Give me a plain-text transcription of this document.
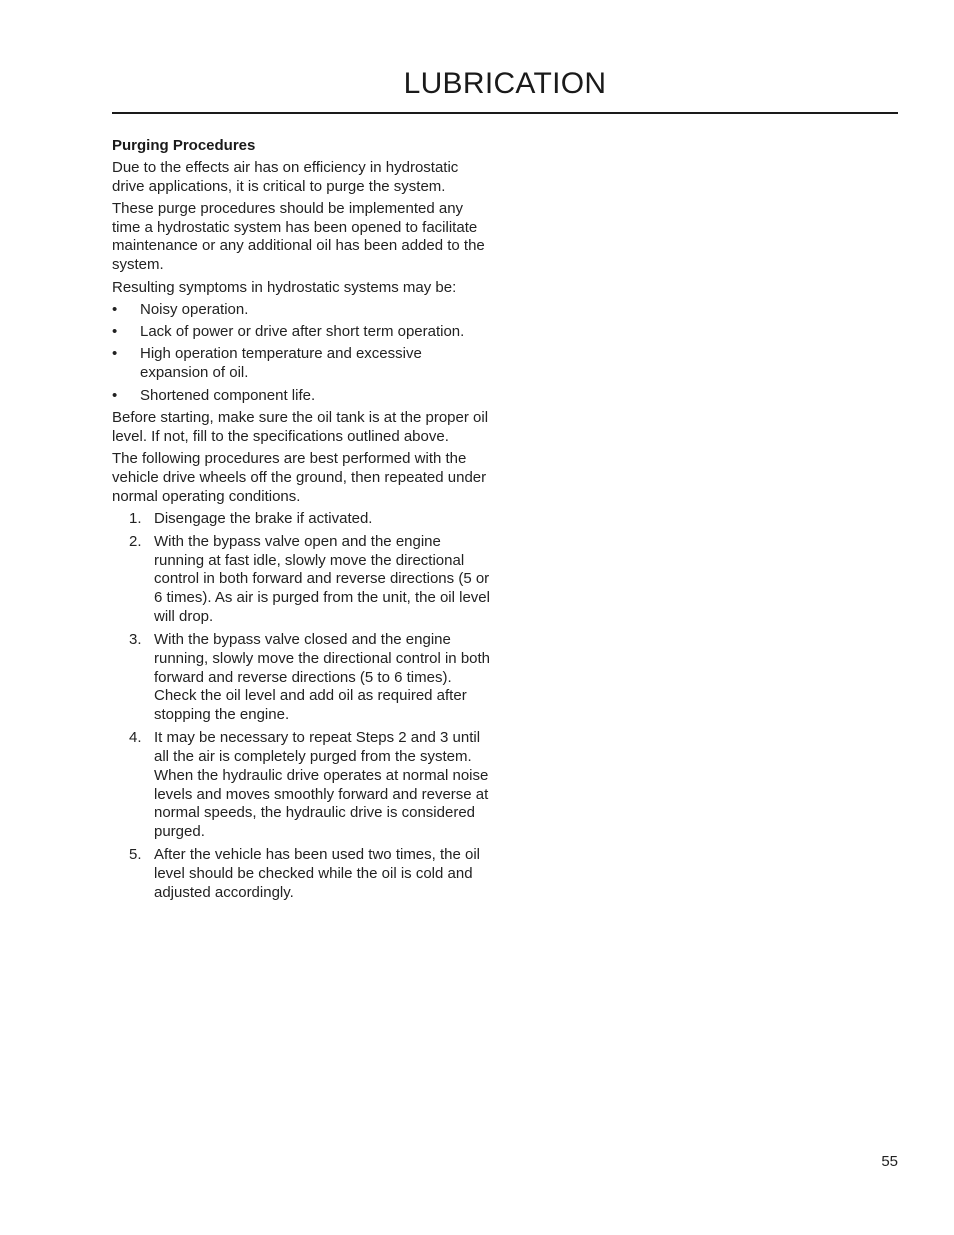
LUBRICATION
Purging Procedures

Due to the effects air has on efficiency in hydrostatic drive applications, it is critical to purge the system.

These purge procedures should be implemented any time a hydrostatic system has been opened to facilitate maintenance or any additional oil has been added to the system.

Resulting symptoms in hydrostatic systems may be:

• Noisy operation.
• Lack of power or drive after short term operation.
• High operation temperature and excessive expansion of oil.
• Shortened component life.

Before starting, make sure the oil tank is at the proper oil level. If not, fill to the specifications outlined above.

The following procedures are best performed with the vehicle drive wheels off the ground, then repeated under normal operating conditions.

1. Disengage the brake if activated.
2. With the bypass valve open and the engine running at fast idle, slowly move the directional control in both forward and reverse directions (5 or 6 times). As air is purged from the unit, the oil level will drop.
3. With the bypass valve closed and the engine running, slowly move the directional control in both forward and reverse directions (5 to 6 times). Check the oil level and add oil as required after stopping the engine.
4. It may be necessary to repeat Steps 2 and 3 until all the air is completely purged from the system. When the hydraulic drive operates at normal noise levels and moves smoothly forward and reverse at normal speeds, the hydraulic drive is considered purged.
5. After the vehicle has been used two times, the oil level should be checked while the oil is cold and adjusted accordingly.
55
